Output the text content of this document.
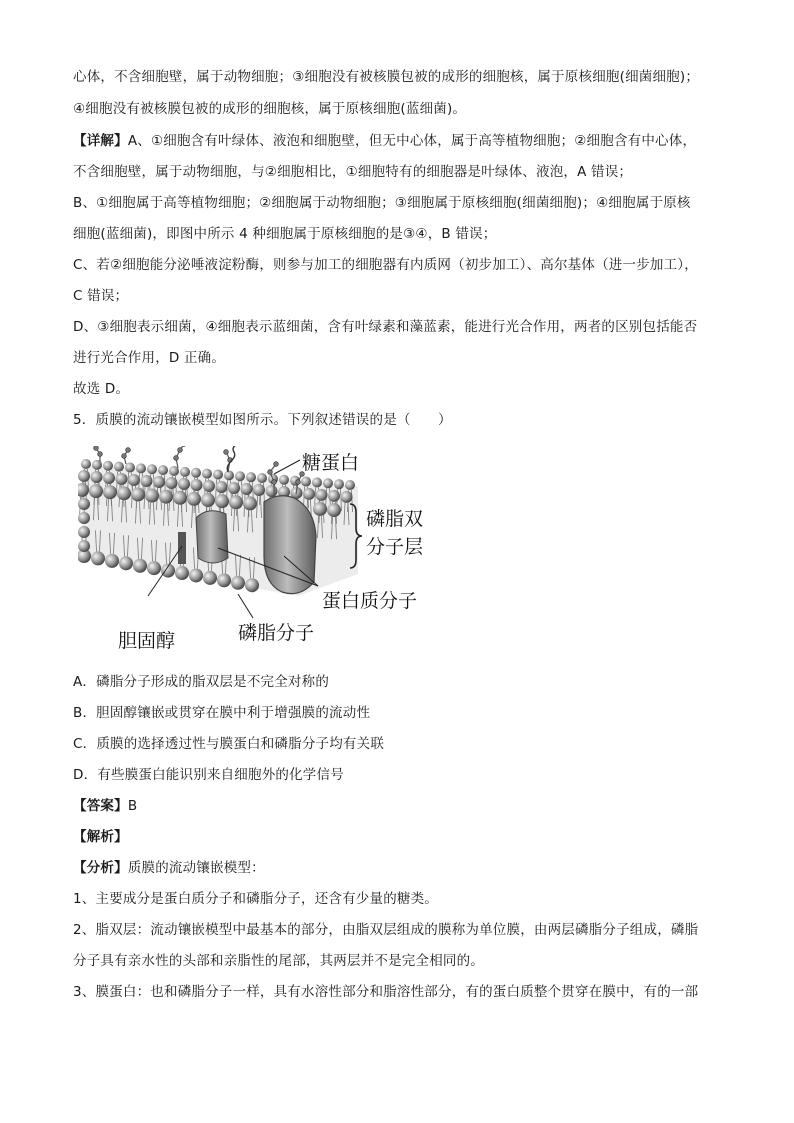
心体，不含细胞壁，属于动物细胞；③细胞没有被核膜包被的成形的细胞核，属于原核细胞(细菌细胞)；
④细胞没有被核膜包被的成形的细胞核，属于原核细胞(蓝细菌)。
【详解】A、①细胞含有叶绿体、液泡和细胞壁，但无中心体，属于高等植物细胞；②细胞含有中心体，
不含细胞壁，属于动物细胞，与②细胞相比，①细胞特有的细胞器是叶绿体、液泡，A 错误；
B、①细胞属于高等植物细胞；②细胞属于动物细胞；③细胞属于原核细胞(细菌细胞)；④细胞属于原核
细胞(蓝细菌)，即图中所示 4 种细胞属于原核细胞的是③④，B 错误；
C、若②细胞能分泌唾液淀粉酶，则参与加工的细胞器有内质网（初步加工）、高尔基体（进一步加工），
C 错误；
D、③细胞表示细菌，④细胞表示蓝细菌，含有叶绿素和藻蓝素，能进行光合作用，两者的区别包括能否
进行光合作用，D 正确。
故选 D。
5．质膜的流动镶嵌模型如图所示。下列叙述错误的是（　　）
糖蛋白
磷脂双
分子层
蛋白质分子
磷脂分子
胆固醇
A．磷脂分子形成的脂双层是不完全对称的
B．胆固醇镶嵌或贯穿在膜中利于增强膜的流动性
C．质膜的选择透过性与膜蛋白和磷脂分子均有关联
D．有些膜蛋白能识别来自细胞外的化学信号
【答案】B
【解析】
【分析】质膜的流动镶嵌模型：
1、主要成分是蛋白质分子和磷脂分子，还含有少量的糖类。
2、脂双层：流动镶嵌模型中最基本的部分，由脂双层组成的膜称为单位膜，由两层磷脂分子组成，磷脂
分子具有亲水性的头部和亲脂性的尾部，其两层并不是完全相同的。
3、膜蛋白：也和磷脂分子一样，具有水溶性部分和脂溶性部分，有的蛋白质整个贯穿在膜中，有的一部
